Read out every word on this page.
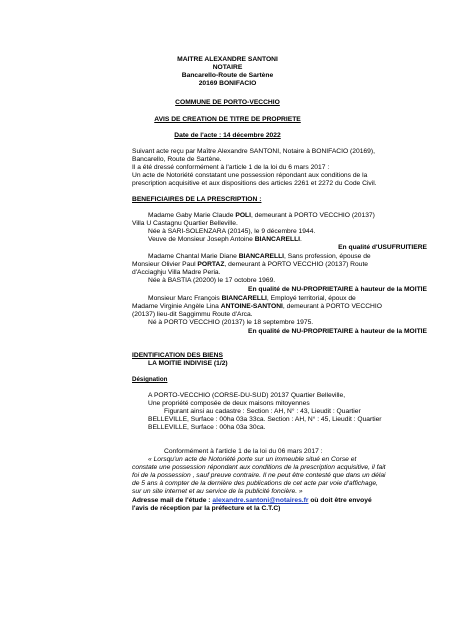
MAITRE ALEXANDRE SANTONI
NOTAIRE
Bancarello-Route de Sartène
20169 BONIFACIO
COMMUNE DE PORTO-VECCHIO
AVIS DE CREATION DE TITRE DE PROPRIETE
Date de l'acte : 14 décembre 2022
Suivant acte reçu par Maître Alexandre SANTONI, Notaire à BONIFACIO (20169),
Bancarello, Route de Sartène.
Il a été dressé conformément à l'article 1 de la loi du 6 mars 2017 :
Un acte de Notoriété constatant une possession répondant aux conditions de la
prescription acquisitive et aux dispositions des articles 2261 et 2272 du Code Civil.
BENEFICIAIRES DE LA PRESCRIPTION :
Madame Gaby Marie Claude POLI, demeurant à PORTO VECCHIO (20137)
Villa U Castagnu Quartier Belleville.
Née à SARI-SOLENZARA (20145), le 9 décembre 1944.
Veuve de Monsieur Joseph Antoine BIANCARELLI.
En qualité d'USUFRUITIERE
Madame Chantal Marie Diane BIANCARELLI, Sans profession, épouse de
Monsieur Olivier Paul PORTAZ, demeurant à PORTO VECCHIO (20137) Route
d'Acciaghju Villa Madre Peria.
Née à BASTIA (20200) le 17 octobre 1969.
En qualité de NU-PROPRIETAIRE à hauteur de la MOITIE
Monsieur Marc François BIANCARELLI, Employé territorial, époux de
Madame Virginie Angèle Lina ANTOINE-SANTONI, demeurant à PORTO VECCHIO
(20137) lieu-dit Saggimmu Route d'Arca.
Né à PORTO VECCHIO (20137) le 18 septembre 1975.
En qualité de NU-PROPRIETAIRE à hauteur de la MOITIE
IDENTIFICATION DES BIENS
LA MOITIE INDIVISE (1/2)
Désignation
A PORTO-VECCHIO (CORSE-DU-SUD) 20137 Quartier Belleville,
Une propriété composée de deux maisons mitoyennes
Figurant ainsi au cadastre : Section : AH, N° : 43, Lieudit : Quartier
BELLEVILLE, Surface : 00ha 03a 33ca. Section : AH, N° : 45, Lieudit : Quartier
BELLEVILLE, Surface : 00ha 03a 30ca.
Conformément à l'article 1 de la loi du 06 mars 2017 :
« Lorsqu'un acte de Notoriété porte sur un immeuble situé en Corse et
constate une possession répondant aux conditions de la prescription acquisitive, il fait
foi de la possession , sauf preuve contraire. Il ne peut être contesté que dans un délai
de 5 ans à compter de la dernière des publications de cet acte par voie d'affichage,
sur un site internet et au service de la publicité foncière. »
Adresse mail de l'étude : alexandre.santoni@notaires.fr où doit être envoyé
l'avis de réception par la préfecture et la C.T.C)
